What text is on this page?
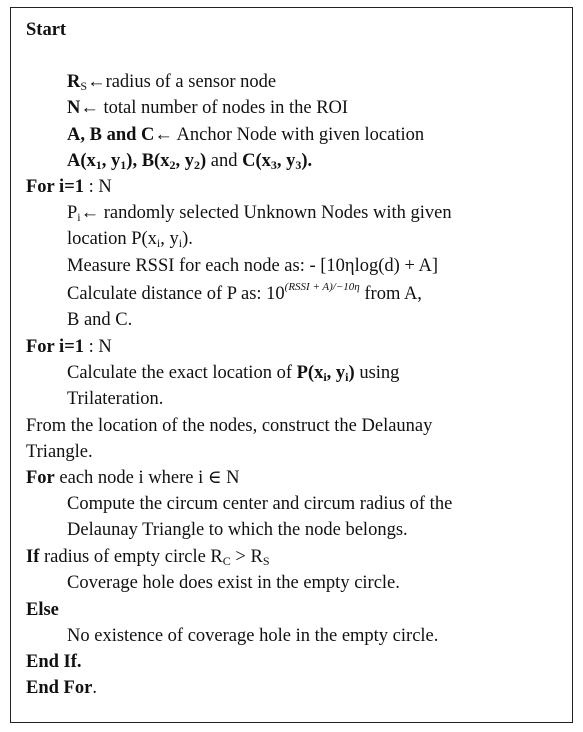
Start
$R_S\leftarrow radius$ of a sensor node
N← total number of nodes in the ROI
A, B and C← Anchor Node with given location
$A(x_1$, $y_1$), $B(x_2$, $y_2$) and $C(x_3$, $y_3$).
For i=1 : N
$P_i\leftarrow$ randomly selected Unknown Nodes with given
location $P(x_i$, $y_i$).
Measure RSSI for each node as: - [10ηlog(d) + A]
Calculate distance of P as: $10^{(RSSI + A)/-10\eta}$ from A,
B and C.
For i=1 : N
Calculate the exact location of $P(x_i$, $y_i$) using
Trilateration.
From the location of the nodes, construct the Delaunay
Triangle.
For each node i where i ∈ N
Compute the circum center and circum radius of the
Delaunay Triangle to which the node belongs.
If radius of empty circle $R_C > R_S$
Coverage hole does exist in the empty circle.
Else
No existence of coverage hole in the empty circle.
End If.
End For.
